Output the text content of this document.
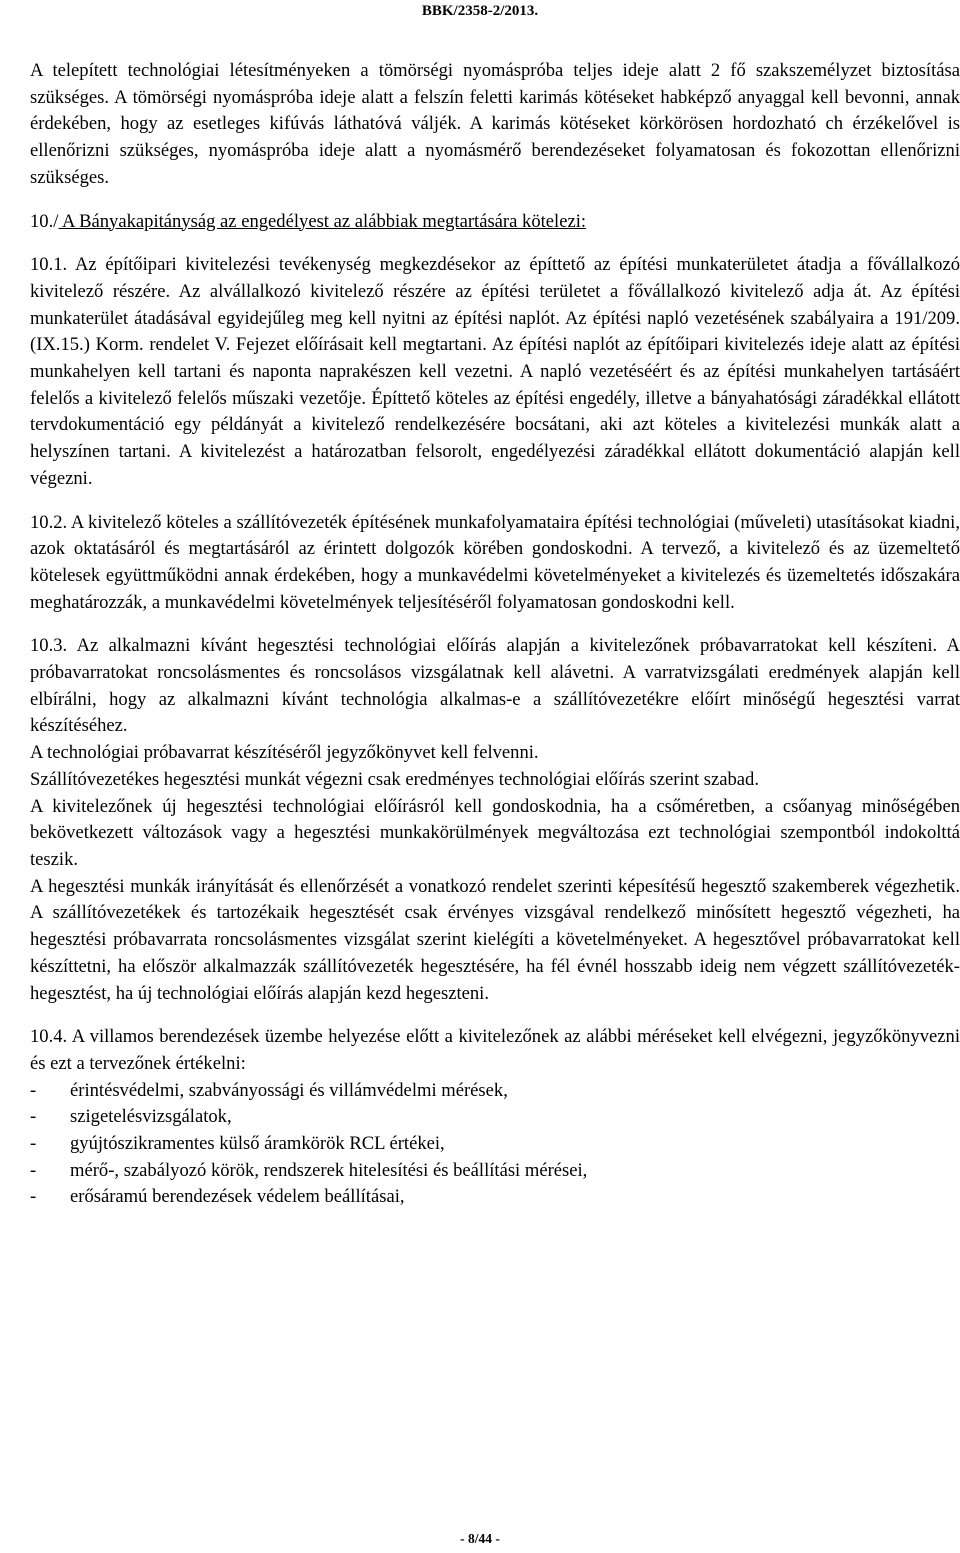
BBK/2358-2/2013.

A telepített technológiai létesítményeken a tömörségi nyomáspróba teljes ideje alatt 2 fő szakszemélyzet biztosítása szükséges. A tömörségi nyomáspróba ideje alatt a felszín feletti karimás kötéseket habképző anyaggal kell bevonni, annak érdekében, hogy az esetleges kifúvás láthatóvá váljék. A karimás kötéseket körkörösen hordozható ch érzékelővel is ellenőrizni szükséges, nyomáspróba ideje alatt a nyomásmérő berendezéseket folyamatosan és fokozottan ellenőrizni szükséges.

10./ A Bányakapitányság az engedélyest az alábbiak megtartására kötelezi:

10.1. Az építőipari kivitelezési tevékenység megkezdésekor az építtető az építési munkaterületet átadja a fővállalkozó kivitelező részére. Az alvállalkozó kivitelező részére az építési területet a fővállalkozó kivitelező adja át. Az építési munkaterület átadásával egyidejűleg meg kell nyitni az építési naplót. Az építési napló vezetésének szabályaira a 191/209. (IX.15.) Korm. rendelet V. Fejezet előírásait kell megtartani. Az építési naplót az építőipari kivitelezés ideje alatt az építési munkahelyen kell tartani és naponta naprakészen kell vezetni. A napló vezetéséért és az építési munkahelyen tartásáért felelős a kivitelező felelős műszaki vezetője. Építtető köteles az építési engedély, illetve a bányahatósági záradékkal ellátott tervdokumentáció egy példányát a kivitelező rendelkezésére bocsátani, aki azt köteles a kivitelezési munkák alatt a helyszínen tartani. A kivitelezést a határozatban felsorolt, engedélyezési záradékkal ellátott dokumentáció alapján kell végezni.

10.2. A kivitelező köteles a szállítóvezeték építésének munkafolyamataira építési technológiai (műveleti) utasításokat kiadni, azok oktatásáról és megtartásáról az érintett dolgozók körében gondoskodni. A tervező, a kivitelező és az üzemeltető kötelesek együttműködni annak érdekében, hogy a munkavédelmi követelményeket a kivitelezés és üzemeltetés időszakára meghatározzák, a munkavédelmi követelmények teljesítéséről folyamatosan gondoskodni kell.

10.3. Az alkalmazni kívánt hegesztési technológiai előírás alapján a kivitelezőnek próbavarratokat kell készíteni. A próbavarratokat roncsolásmentes és roncsolásos vizsgálatnak kell alávetni. A varratvizsgálati eredmények alapján kell elbírálni, hogy az alkalmazni kívánt technológia alkalmas-e a szállítóvezetékre előírt minőségű hegesztési varrat készítéséhez.

A technológiai próbavarrat készítéséről jegyzőkönyvet kell felvenni.

Szállítóvezetékes hegesztési munkát végezni csak eredményes technológiai előírás szerint szabad.

A kivitelezőnek új hegesztési technológiai előírásról kell gondoskodnia, ha a csőméretben, a csőanyag minőségében bekövetkezett változások vagy a hegesztési munkakörülmények megváltozása ezt technológiai szempontból indokolttá teszik.

A hegesztési munkák irányítását és ellenőrzését a vonatkozó rendelet szerinti képesítésű hegesztő szakemberek végezhetik. A szállítóvezetékek és tartozékaik hegesztését csak érvényes vizsgával rendelkező minősített hegesztő végezheti, ha hegesztési próbavarrata roncsolásmentes vizsgálat szerint kielégíti a követelményeket. A hegesztővel próbavarratokat kell készíttetni, ha először alkalmazzák szállítóvezeték hegesztésére, ha fél évnél hosszabb ideig nem végzett szállítóvezeték-hegesztést, ha új technológiai előírás alapján kezd hegeszteni.

10.4. A villamos berendezések üzembe helyezése előtt a kivitelezőnek az alábbi méréseket kell elvégezni, jegyzőkönyvezni és ezt a tervezőnek értékelni:

- érintésvédelmi, szabványossági és villámvédelmi mérések,
- szigetelésvizsgálatok,
- gyújtószikramentes külső áramkörök RCL értékei,
- mérő-, szabályozó körök, rendszerek hitelesítési és beállítási mérései,
- erősáramú berendezések védelem beállításai,
- 8/44 -
